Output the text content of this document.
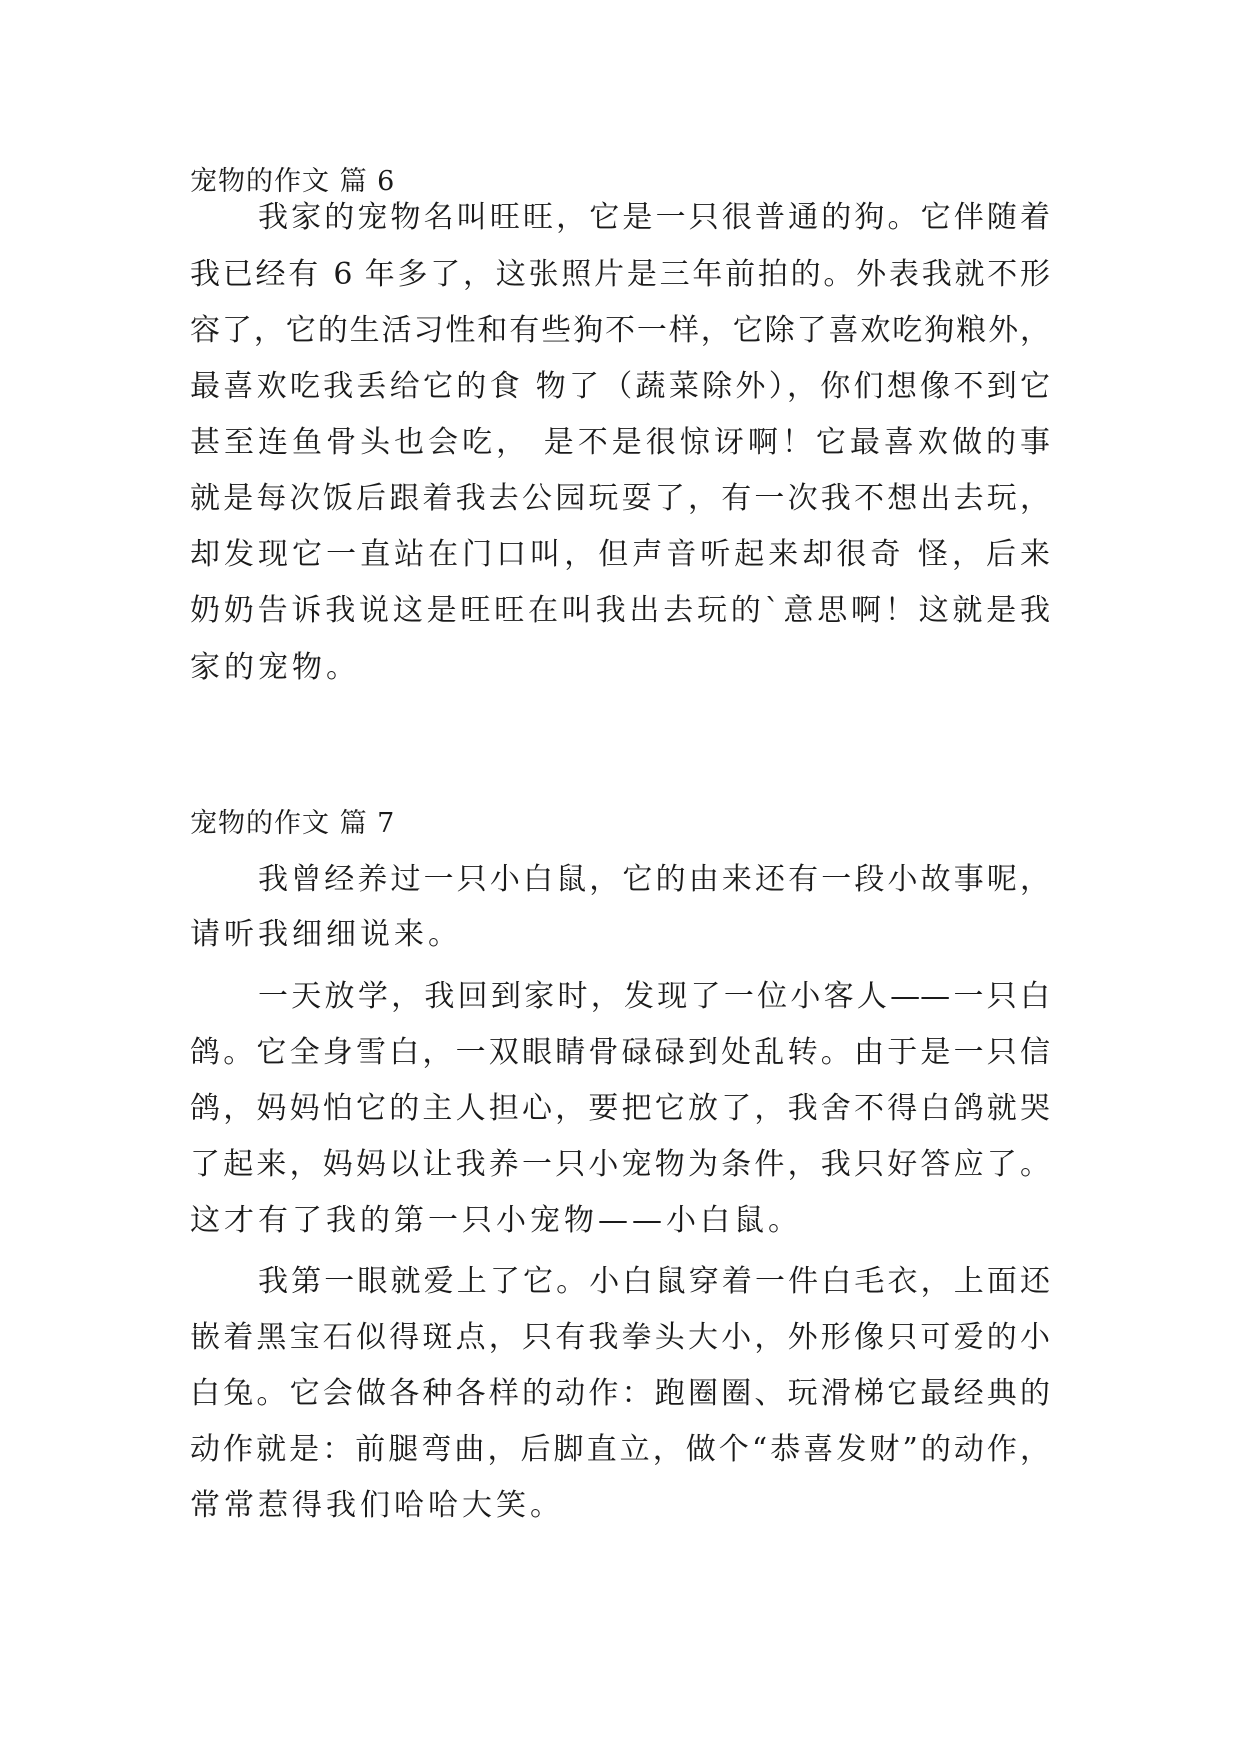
宠物的作文 篇 6
我家的宠物名叫旺旺，它是一只很普通的狗。它伴随着
我已经有 6 年多了，这张照片是三年前拍的。外表我就不形
容了，它的生活习性和有些狗不一样，它除了喜欢吃狗粮外，
最喜欢吃我丢给它的食 物了（蔬菜除外），你们想像不到它
甚至连鱼骨头也会吃， 是不是很惊讶啊！它最喜欢做的事
就是每次饭后跟着我去公园玩耍了，有一次我不想出去玩，
却发现它一直站在门口叫，但声音听起来却很奇 怪，后来
奶奶告诉我说这是旺旺在叫我出去玩的`意思啊！这就是我
家的宠物。
宠物的作文 篇 7
我曾经养过一只小白鼠，它的由来还有一段小故事呢，
请听我细细说来。
一天放学，我回到家时，发现了一位小客人——一只白
鸽。它全身雪白，一双眼睛骨碌碌到处乱转。由于是一只信
鸽，妈妈怕它的主人担心，要把它放了，我舍不得白鸽就哭
了起来，妈妈以让我养一只小宠物为条件，我只好答应了。
这才有了我的第一只小宠物——小白鼠。
我第一眼就爱上了它。小白鼠穿着一件白毛衣，上面还
嵌着黑宝石似得斑点，只有我拳头大小，外形像只可爱的小
白兔。它会做各种各样的动作：跑圈圈、玩滑梯它最经典的
动作就是：前腿弯曲，后脚直立，做个“恭喜发财”的动作，
常常惹得我们哈哈大笑。
